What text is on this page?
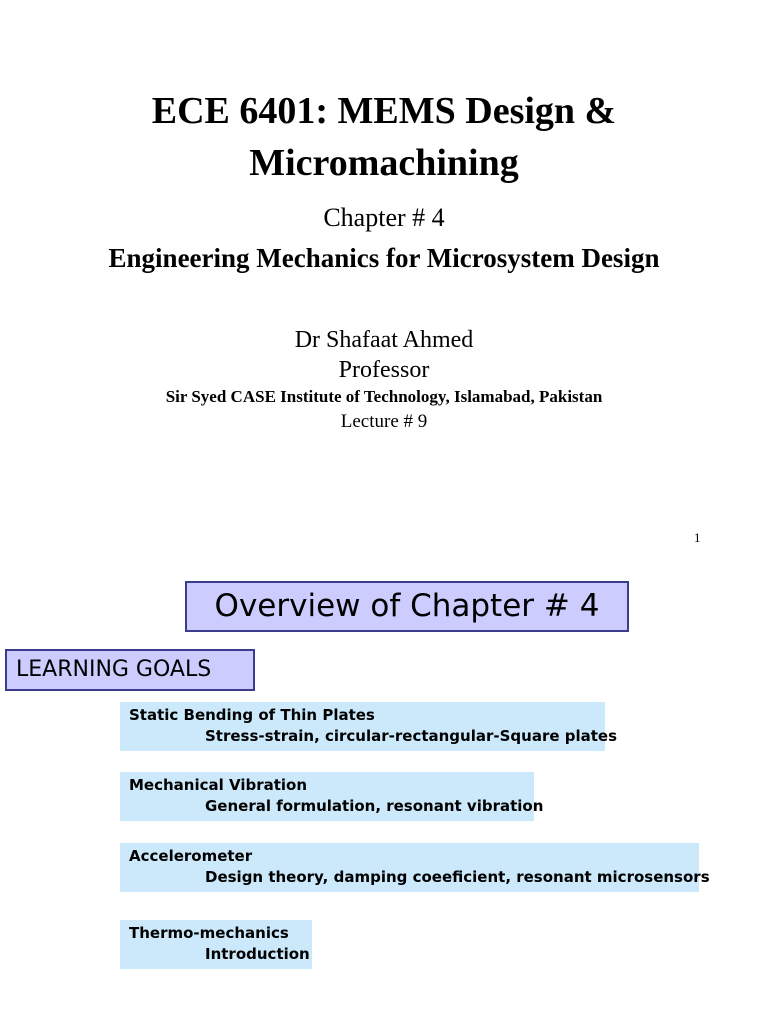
ECE 6401: MEMS Design &
Micromachining
Chapter # 4
Engineering Mechanics for Microsystem Design
Dr Shafaat Ahmed
Professor
Sir Syed CASE Institute of Technology, Islamabad, Pakistan
Lecture # 9
1
Overview of Chapter # 4
LEARNING GOALS
Static Bending of Thin Plates
Stress-strain, circular-rectangular-Square plates
Mechanical Vibration
General formulation, resonant vibration
Accelerometer
Design theory, damping coeeficient, resonant microsensors
Thermo-mechanics
Introduction
